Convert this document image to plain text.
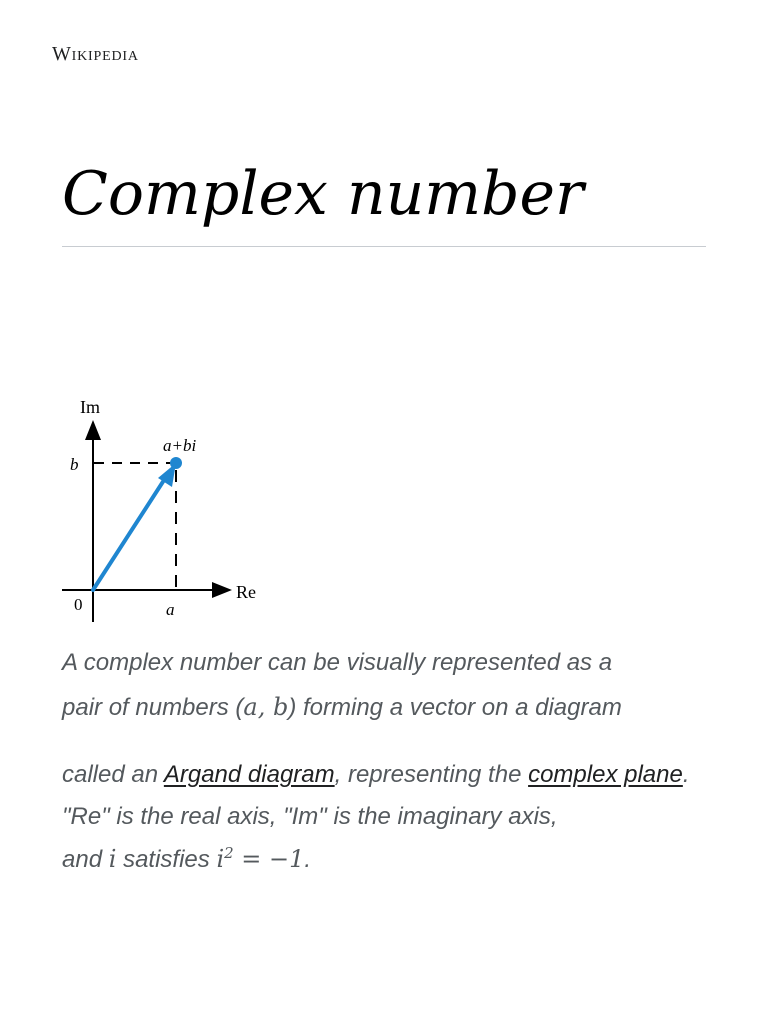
Wikipedia
Complex number
Im
Re
b
0	a
a+bi

A complex number can be visually represented as a
pair of numbers (a, b) forming a vector on a diagram

called an Argand diagram, representing the complex plane. "Re" is the real axis, "Im" is the imaginary axis,
and i satisfies $i^2 = -1$.
